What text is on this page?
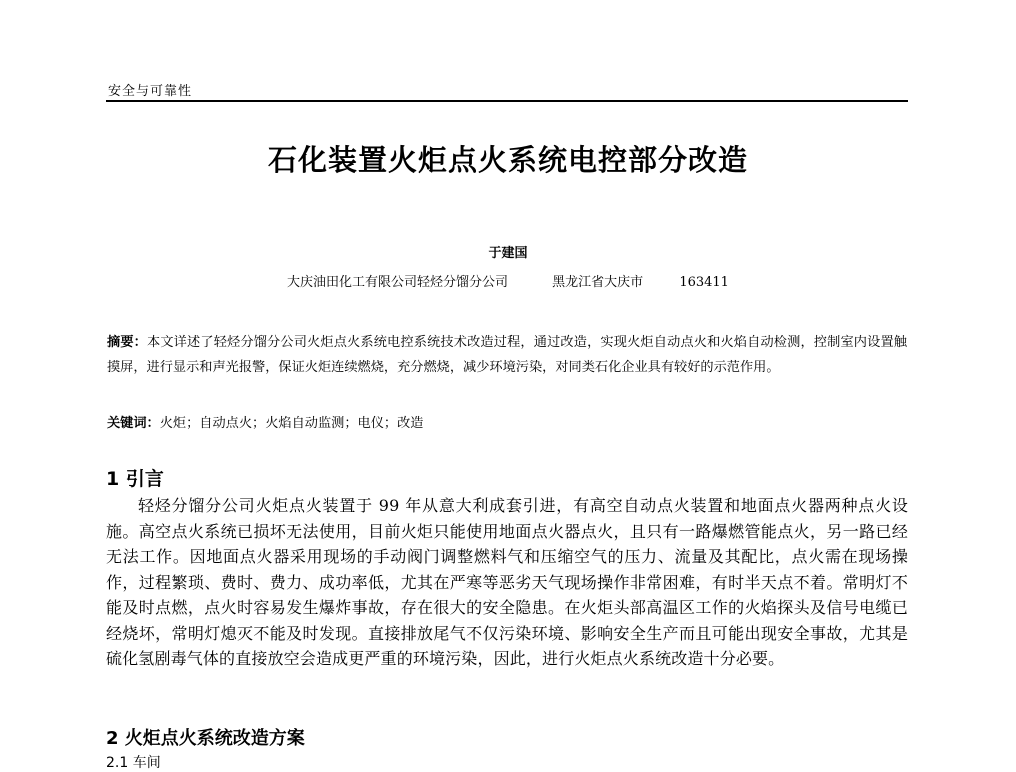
安全与可靠性
石化装置火炬点火系统电控部分改造
于建国
大庆油田化工有限公司轻烃分馏分公司	黑龙江省大庆市	163411
摘要：本文详述了轻烃分馏分公司火炬点火系统电控系统技术改造过程，通过改造，实现火炬自动点火和火焰自动检测，控制室内设置触摸屏，进行显示和声光报警，保证火炬连续燃烧，充分燃烧，减少环境污染，对同类石化企业具有较好的示范作用。
关键词：火炬；自动点火；火焰自动监测；电仪；改造
1 引言
轻烃分馏分公司火炬点火装置于 99 年从意大利成套引进，有高空自动点火装置和地面点火器两种点火设施。高空点火系统已损坏无法使用，目前火炬只能使用地面点火器点火，且只有一路爆燃管能点火，另一路已经无法工作。因地面点火器采用现场的手动阀门调整燃料气和压缩空气的压力、流量及其配比，点火需在现场操作，过程繁琐、费时、费力、成功率低，尤其在严寒等恶劣天气现场操作非常困难，有时半天点不着。常明灯不能及时点燃，点火时容易发生爆炸事故，存在很大的安全隐患。在火炬头部高温区工作的火焰探头及信号电缆已经烧坏，常明灯熄灭不能及时发现。直接排放尾气不仅污染环境、影响安全生产而且可能出现安全事故，尤其是硫化氢剧毒气体的直接放空会造成更严重的环境污染，因此，进行火炬点火系统改造十分必要。
2 火炬点火系统改造方案
2.1 车间
